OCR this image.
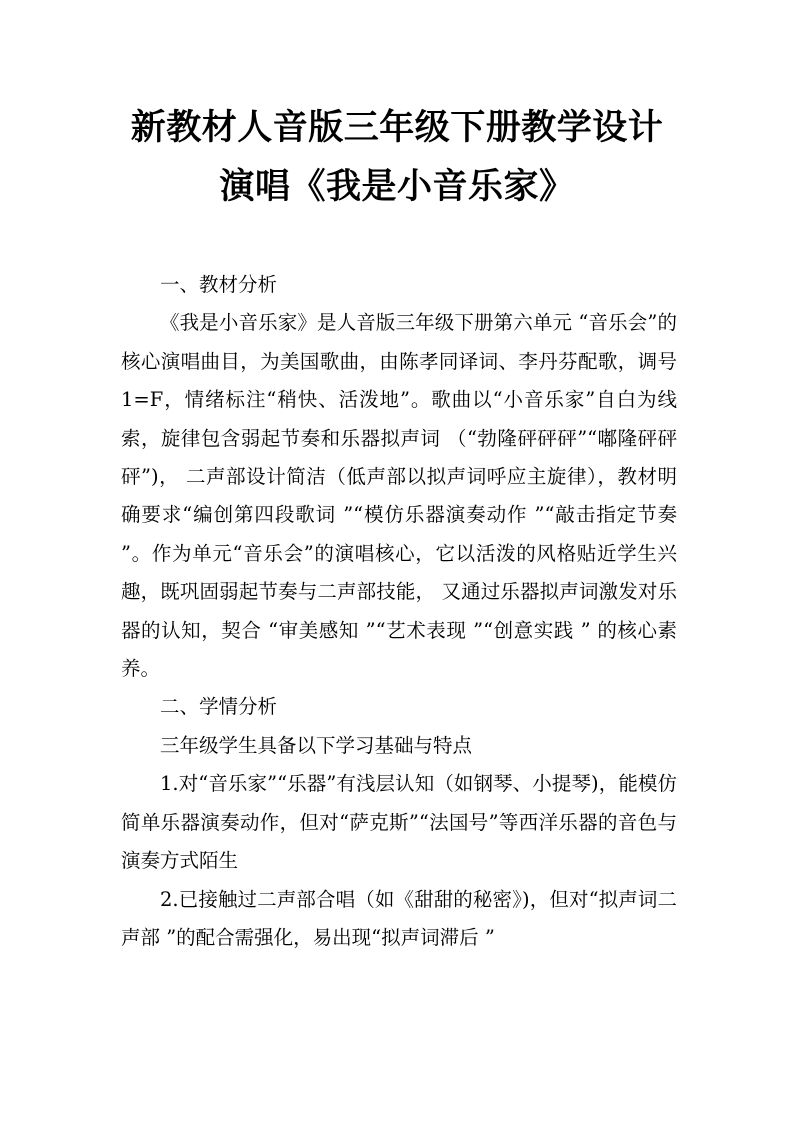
新教材人音版三年级下册教学设计
演唱《我是小音乐家》

一、教材分析

《我是小音乐家》是人音版三年级下册第六单元 “音乐会”的核心演唱曲目，为美国歌曲，由陈孝同译词、李丹芬配歌，调号 1=F，情绪标注“稍快、活泼地”。歌曲以“小音乐家”自白为线索，旋律包含弱起节奏和乐器拟声词 （“勃隆砰砰砰”“嘟隆砰砰砰”)， 二声部设计简洁（低声部以拟声词呼应主旋律），教材明确要求“编创第四段歌词 ”“模仿乐器演奏动作 ”“敲击指定节奏 ”。作为单元“音乐会”的演唱核心，它以活泼的风格贴近学生兴趣，既巩固弱起节奏与二声部技能， 又通过乐器拟声词激发对乐器的认知，契合 “审美感知 ”“艺术表现 ”“创意实践 ” 的核心素养。

二、学情分析

三年级学生具备以下学习基础与特点

1.对“音乐家”“乐器”有浅层认知（如钢琴、小提琴)，能模仿简单乐器演奏动作，但对“萨克斯”“法国号”等西洋乐器的音色与演奏方式陌生

2.已接触过二声部合唱（如《甜甜的秘密》)，但对“拟声词二声部 ”的配合需强化，易出现“拟声词滞后 ”
